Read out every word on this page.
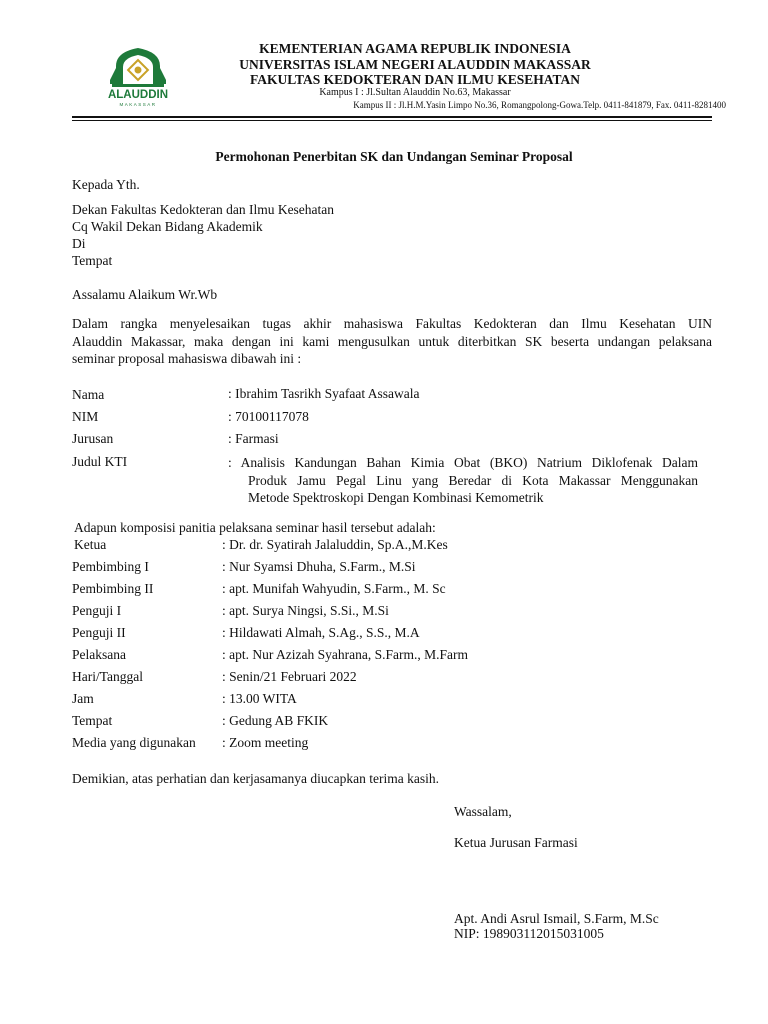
ALAUDDIN
MAKASSAR
KEMENTERIAN AGAMA REPUBLIK INDONESIA
UNIVERSITAS ISLAM NEGERI ALAUDDIN MAKASSAR
FAKULTAS KEDOKTERAN DAN ILMU KESEHATAN
Kampus I : Jl.Sultan Alauddin No.63, Makassar
Kampus II : Jl.H.M.Yasin Limpo No.36, Romangpolong-Gowa.Telp. 0411-841879, Fax. 0411-8281400
Permohonan Penerbitan SK dan Undangan Seminar Proposal
Kepada Yth.
Dekan Fakultas Kedokteran dan Ilmu Kesehatan
Cq Wakil Dekan Bidang Akademik
Di
Tempat
Assalamu Alaikum Wr.Wb
Dalam rangka menyelesaikan tugas akhir mahasiswa Fakultas Kedokteran dan Ilmu Kesehatan UIN
Alauddin Makassar, maka dengan ini kami mengusulkan untuk diterbitkan SK beserta undangan pelaksana
seminar proposal mahasiswa dibawah ini :
Nama	: Ibrahim Tasrikh Syafaat Assawala
NIM	: 70100117078
Jurusan	: Farmasi
Judul KTI	: Analisis Kandungan Bahan Kimia Obat (BKO) Natrium Diklofenak Dalam
Produk Jamu Pegal Linu yang Beredar di Kota Makassar Menggunakan
Metode Spektroskopi Dengan Kombinasi Kemometrik
Adapun komposisi panitia pelaksana seminar hasil tersebut adalah:
Ketua	: Dr. dr. Syatirah Jalaluddin, Sp.A.,M.Kes
Pembimbing I	: Nur Syamsi Dhuha, S.Farm., M.Si
Pembimbing II	: apt. Munifah Wahyudin, S.Farm., M. Sc
Penguji I	: apt. Surya Ningsi, S.Si., M.Si
Penguji II	: Hildawati Almah, S.Ag., S.S., M.A
Pelaksana	: apt. Nur Azizah Syahrana, S.Farm., M.Farm
Hari/Tanggal	: Senin/21 Februari 2022
Jam	: 13.00 WITA
Tempat	: Gedung AB FKIK
Media yang digunakan : Zoom meeting
Demikian, atas perhatian dan kerjasamanya diucapkan terima kasih.
Wassalam,
Ketua Jurusan Farmasi
Apt. Andi Asrul Ismail, S.Farm, M.Sc
NIP: 198903112015031005
